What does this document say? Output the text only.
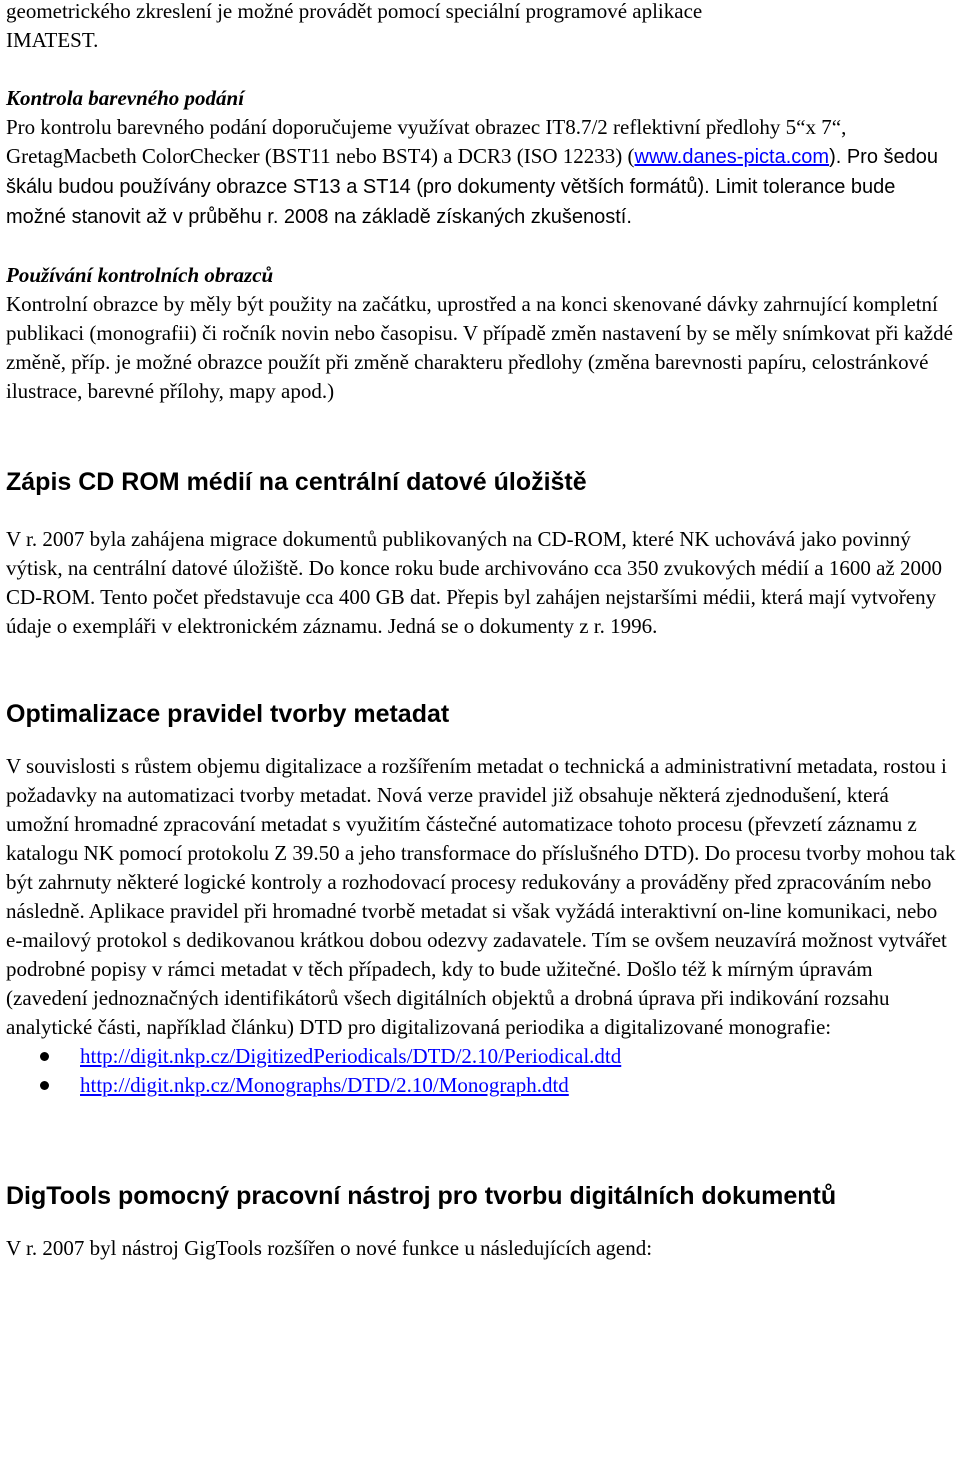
geometrického zkreslení je možné provádět pomocí speciální programové aplikace
IMATEST.

Kontrola barevného podání

Pro kontrolu barevného podání doporučujeme využívat obrazec IT8.7/2 reflektivní předlohy 5“x 7“, GretagMacbeth ColorChecker (BST11 nebo BST4) a DCR3 (ISO 12233) (www.danes-picta.com). Pro šedou škálu budou používány obrazce ST13 a ST14 (pro dokumenty větších formátů). Limit tolerance bude možné stanovit až v průběhu r. 2008 na základě získaných zkušeností.

Používání kontrolních obrazců

Kontrolní obrazce by měly být použity na začátku, uprostřed a na konci skenované dávky zahrnující kompletní publikaci (monografii) či ročník novin nebo časopisu. V případě změn nastavení by se měly snímkovat při každé změně, příp. je možné obrazce použít při změně charakteru předlohy (změna barevnosti papíru, celostránkové ilustrace, barevné přílohy, mapy apod.)

Zápis CD ROM médií na centrální datové úložiště

V r. 2007 byla zahájena migrace dokumentů publikovaných na CD-ROM, které NK uchovává jako povinný výtisk, na centrální datové úložiště. Do konce roku bude archivováno cca 350 zvukových médií a 1600 až 2000 CD-ROM. Tento počet představuje cca 400 GB dat. Přepis byl zahájen nejstaršími médii, která mají vytvořeny údaje o exempláři v elektronickém záznamu. Jedná se o dokumenty z r. 1996.

Optimalizace pravidel tvorby metadat

V souvislosti s růstem objemu digitalizace a rozšířením metadat o technická a administrativní metadata, rostou i požadavky na automatizaci tvorby metadat. Nová verze pravidel již obsahuje některá zjednodušení, která umožní hromadné zpracování metadat s využitím částečné automatizace tohoto procesu (převzetí záznamu z katalogu NK pomocí protokolu Z 39.50 a jeho transformace do příslušného DTD). Do procesu tvorby mohou tak být zahrnuty některé logické kontroly a rozhodovací procesy redukovány a prováděny před zpracováním nebo následně. Aplikace pravidel při hromadné tvorbě metadat si však vyžádá interaktivní on-line komunikaci, nebo e-mailový protokol s dedikovanou krátkou dobou odezvy zadavatele. Tím se ovšem neuzavírá možnost vytvářet podrobné popisy v rámci metadat v těch případech, kdy to bude užitečné. Došlo též k mírným úpravám (zavedení jednoznačných identifikátorů všech digitálních objektů a drobná úprava při indikování rozsahu analytické části, například článku) DTD pro digitalizovaná periodika a digitalizované monografie:

http://digit.nkp.cz/DigitizedPeriodicals/DTD/2.10/Periodical.dtd
http://digit.nkp.cz/Monographs/DTD/2.10/Monograph.dtd
DigTools pomocný pracovní nástroj pro tvorbu digitálních dokumentů

V r. 2007 byl nástroj GigTools rozšířen o nové funkce u následujících agend:
